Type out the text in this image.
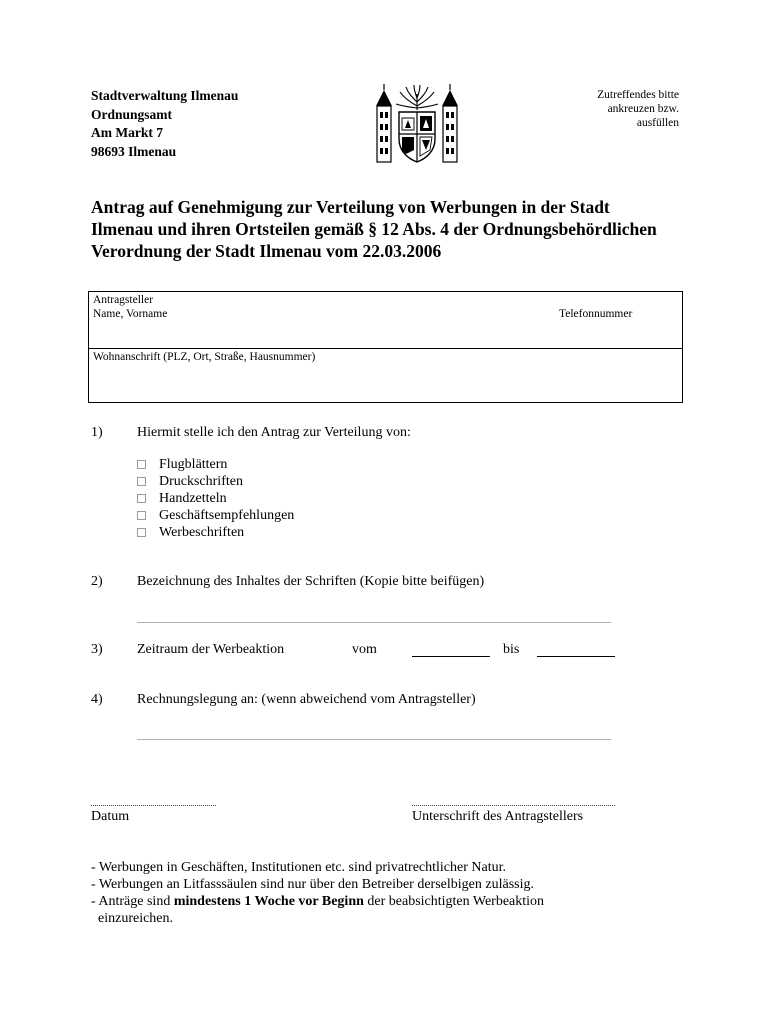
Stadtverwaltung Ilmenau
Ordnungsamt
Am Markt 7
98693 Ilmenau
Zutreffendes bitte
ankreuzen bzw.
ausfüllen
Antrag auf Genehmigung zur Verteilung von Werbungen in der Stadt
Ilmenau und ihren Ortsteilen gemäß § 12 Abs. 4 der Ordnungsbehördlichen
Verordnung der Stadt Ilmenau vom 22.03.2006
Antragsteller
Name, Vorname	Telefonnummer
Wohnanschrift (PLZ, Ort, Straße, Hausnummer)
1) Hiermit stelle ich den Antrag zur Verteilung von:
Flugblättern
Druckschriften
Handzetteln
Geschäftsempfehlungen
Werbeschriften
2) Bezeichnung des Inhaltes der Schriften (Kopie bitte beifügen)
3) Zeitraum der Werbeaktion	vom	bis
4) Rechnungslegung an: (wenn abweichend vom Antragsteller)
Datum	Unterschrift des Antragstellers
- Werbungen in Geschäften, Institutionen etc. sind privatrechtlicher Natur.
- Werbungen an Litfasssäulen sind nur über den Betreiber derselbigen zulässig.
- Anträge sind mindestens 1 Woche vor Beginn der beabsichtigten Werbeaktion
einzureichen.
